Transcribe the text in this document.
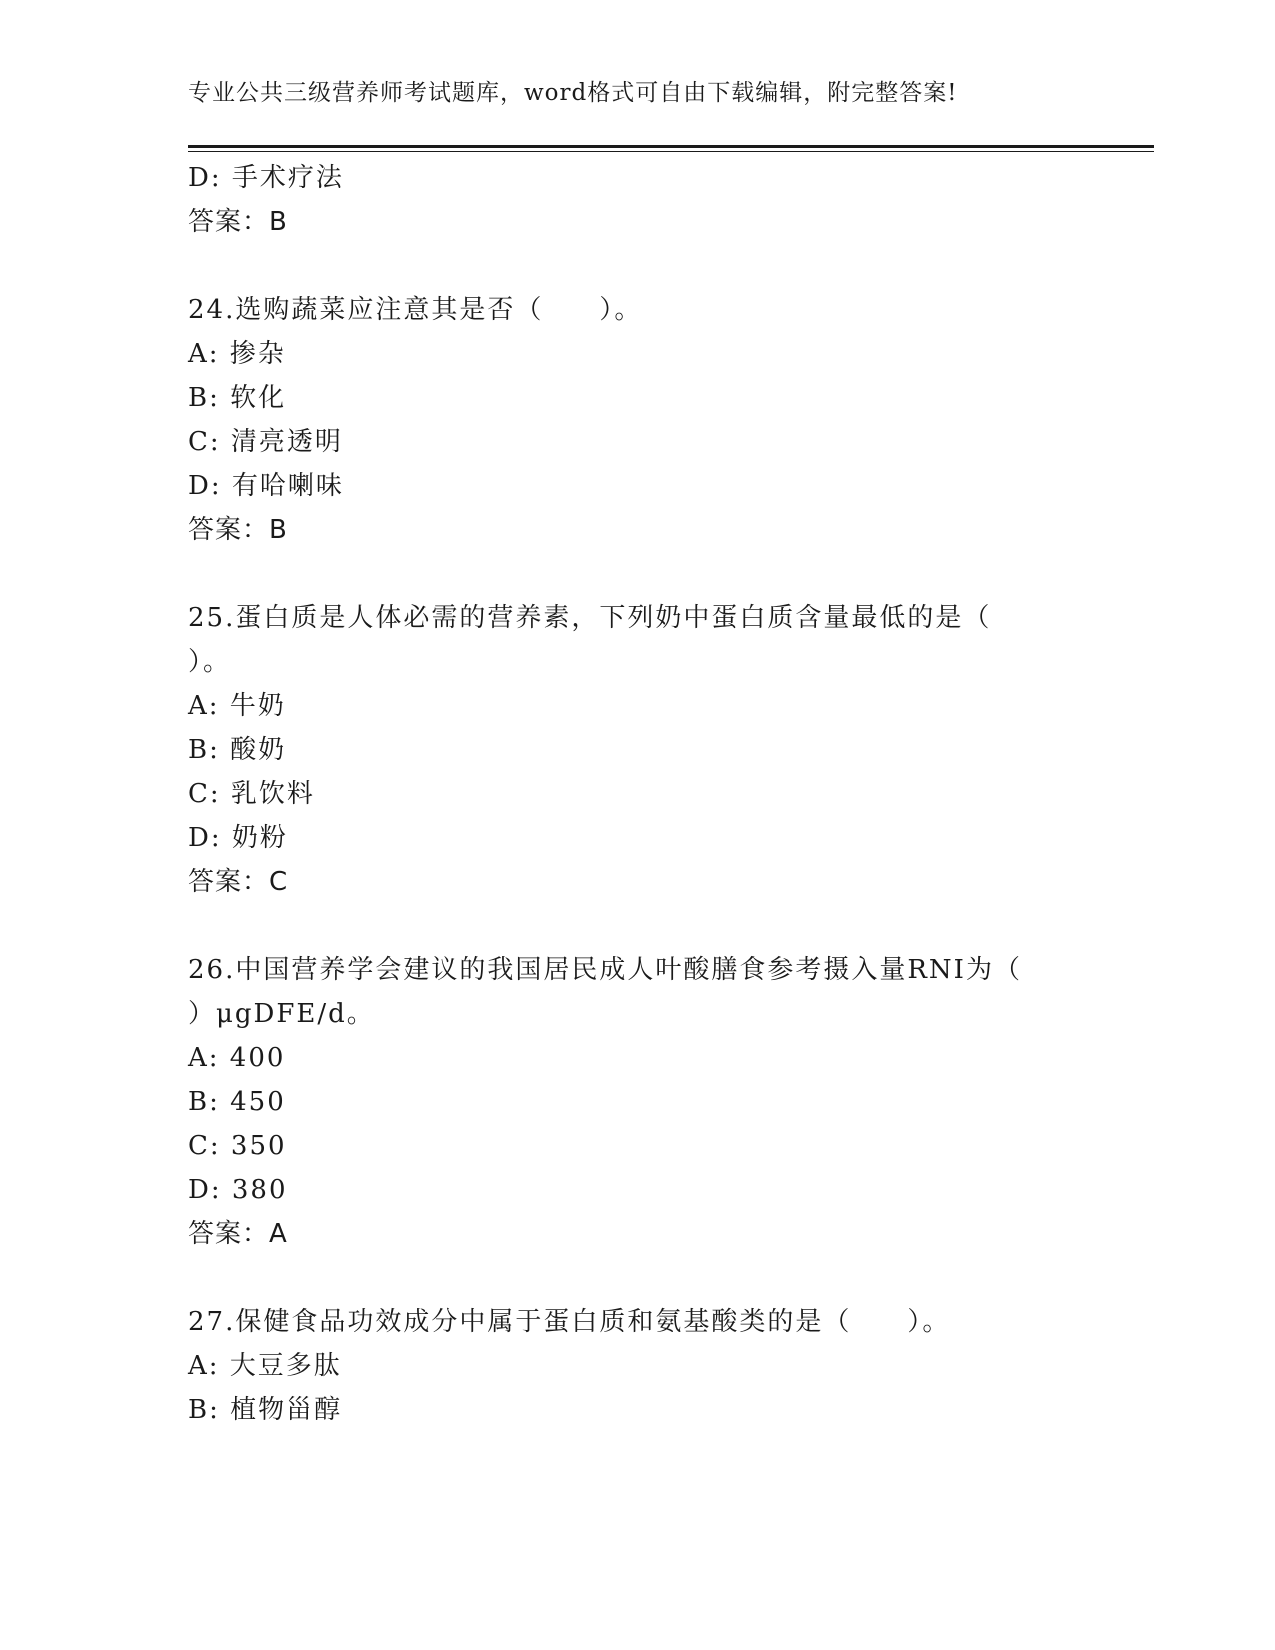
专业公共三级营养师考试题库，word格式可自由下载编辑，附完整答案!
D: 手术疗法
答案：B
24.选购蔬菜应注意其是否（　　）。
A: 掺杂
B: 软化
C: 清亮透明
D: 有哈喇味
答案：B
25.蛋白质是人体必需的营养素，下列奶中蛋白质含量最低的是（
）。
A: 牛奶
B: 酸奶
C: 乳饮料
D: 奶粉
答案：C
26.中国营养学会建议的我国居民成人叶酸膳食参考摄入量RNI为（
）μgDFE/d。
A: 400
B: 450
C: 350
D: 380
答案：A
27.保健食品功效成分中属于蛋白质和氨基酸类的是（　　）。
A: 大豆多肽
B: 植物甾醇
